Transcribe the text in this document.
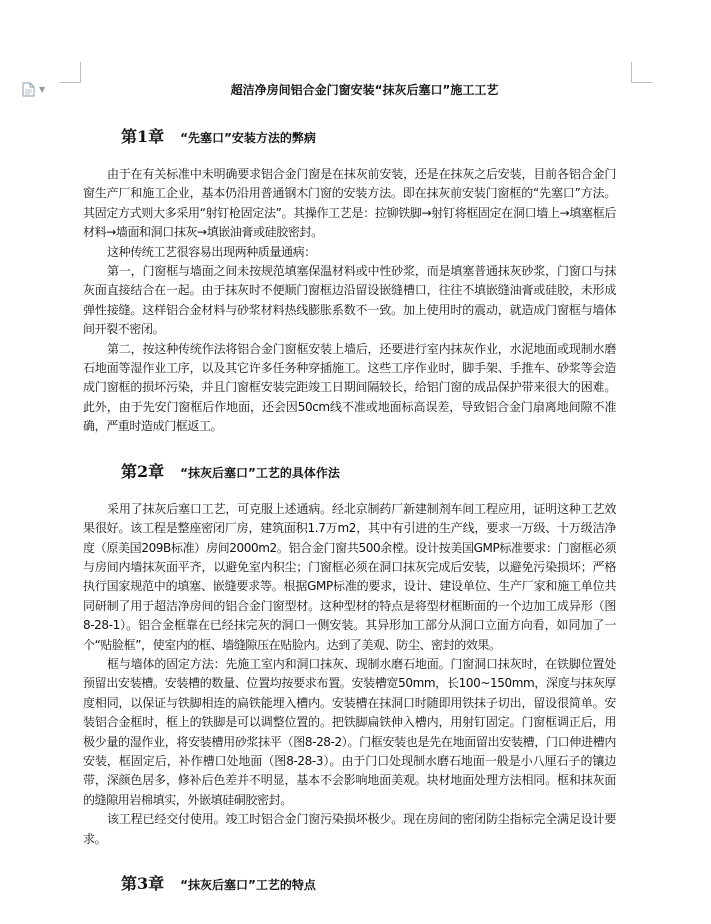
▼	超洁净房间铝合金门窗安装“抹灰后塞口”施工工艺
第1章 “先塞口”安装方法的弊病

由于在有关标准中未明确要求铝合金门窗是在抹灰前安装，还是在抹灰之后安装，目前各铝合金门窗生产厂和施工企业，基本仍沿用普通钢木门窗的安装方法。即在抹灰前安装门窗框的“先塞口”方法。其固定方式则大多采用“射钉枪固定法”。其操作工艺是：拉铆铁脚→射钉将框固定在洞口墙上→填塞框后材料→墙面和洞口抹灰→填嵌油膏或硅胶密封。

这种传统工艺很容易出现两种质量通病：

第一，门窗框与墙面之间未按规范填塞保温材料或中性砂浆，而是填塞普通抹灰砂浆，门窗口与抹灰面直接结合在一起。由于抹灰时不便顺门窗框边沿留设嵌缝槽口，往往不填嵌缝油膏或硅胶，未形成弹性接缝。这样铝合金材料与砂浆材料热线膨胀系数不一致。加上使用时的震动，就造成门窗框与墙体间开裂不密闭。

第二，按这种传统作法将铝合金门窗框安装上墙后，还要进行室内抹灰作业，水泥地面或现制水磨石地面等湿作业工序，以及其它许多任务种穿插施工。这些工序作业时，脚手架、手推车、砂浆等会造成门窗框的损坏污染，并且门窗框安装完距竣工日期间隔较长，给铝门窗的成品保护带来很大的困难。此外，由于先安门窗框后作地面，还会因50cm线不准或地面标高误差，导致铝合金门扇离地间隙不准确，严重时造成门框返工。

第2章 “抹灰后塞口”工艺的具体作法

采用了抹灰后塞口工艺，可克服上述通病。经北京制药厂新建制剂车间工程应用，证明这种工艺效果很好。该工程是整座密闭厂房，建筑面积1.7万m2，其中有引进的生产线，要求一万级、十万级洁净度（原美国209B标准）房间2000m2。铝合金门窗共500余樘。设计按美国GMP标准要求：门窗框必须与房间内墙抹灰面平齐，以避免室内积尘；门窗框必须在洞口抹灰完成后安装，以避免污染损坏；严格执行国家规范中的填塞、嵌缝要求等。根据GMP标准的要求，设计、建设单位、生产厂家和施工单位共同研制了用于超洁净房间的铝合金门窗型材。这种型材的特点是将型材框断面的一个边加工成异形（图8-28-1）。铝合金框靠在已经抹完灰的洞口一侧安装。其异形加工部分从洞口立面方向看，如同加了一个“贴脸框”，使室内的框、墙缝隙压在贴脸内。达到了美观、防尘、密封的效果。

框与墙体的固定方法：先施工室内和洞口抹灰、现制水磨石地面。门窗洞口抹灰时，在铁脚位置处预留出安装槽。安装槽的数量、位置均按要求布置。安装槽宽50mm，长100~150mm，深度与抹灰厚度相同，以保证与铁脚相连的扁铁能埋入槽内。安装槽在抹洞口时随即用铁抹子切出，留设很简单。安装铝合金框时，框上的铁脚是可以调整位置的。把铁脚扁铁伸入槽内，用射钉固定。门窗框调正后，用极少量的湿作业，将安装槽用砂浆抹平（图8-28-2）。门框安装也是先在地面留出安装槽，门口伸进槽内安装，框固定后，补作槽口处地面（图8-28-3）。由于门口处现制水磨石地面一般是小八厘石子的镶边带，深颜色居多，修补后色差并不明显，基本不会影响地面美观。块材地面处理方法相同。框和抹灰面的缝隙用岩棉填实，外嵌填硅硐胶密封。

该工程已经交付使用。竣工时铝合金门窗污染损坏极少。现在房间的密闭防尘指标完全满足设计要求。

第3章 “抹灰后塞口”工艺的特点
